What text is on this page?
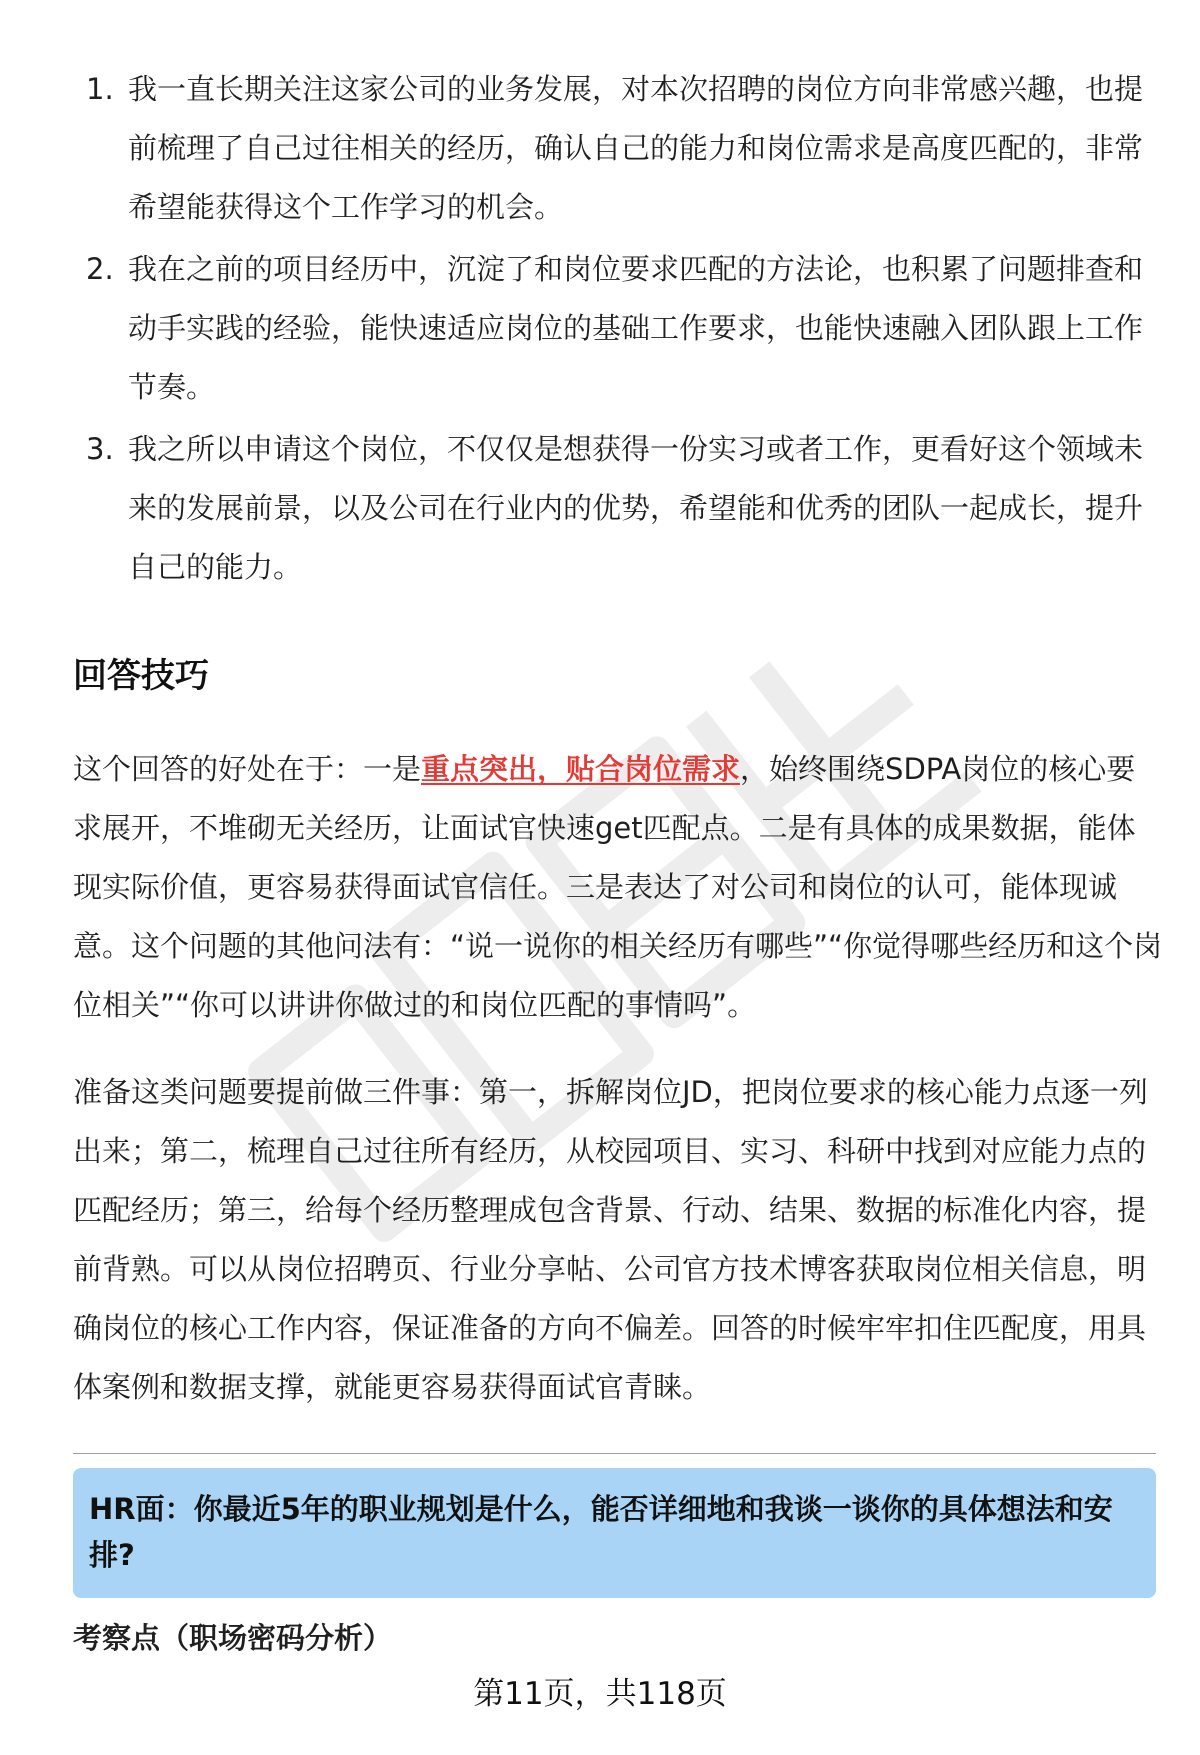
1. 我一直长期关注这家公司的业务发展，对本次招聘的岗位方向非常感兴趣，也提前梳理了自己过往相关的经历，确认自己的能力和岗位需求是高度匹配的，非常希望能获得这个工作学习的机会。
2. 我在之前的项目经历中，沉淀了和岗位要求匹配的方法论，也积累了问题排查和动手实践的经验，能快速适应岗位的基础工作要求，也能快速融入团队跟上工作节奏。
3. 我之所以申请这个岗位，不仅仅是想获得一份实习或者工作，更看好这个领域未来的发展前景，以及公司在行业内的优势，希望能和优秀的团队一起成长，提升自己的能力。
回答技巧

这个回答的好处在于：一是重点突出，贴合岗位需求，始终围绕SDPA岗位的核心要求展开，不堆砌无关经历，让面试官快速get匹配点。二是有具体的成果数据，能体现实际价值，更容易获得面试官信任。三是表达了对公司和岗位的认可，能体现诚意。这个问题的其他问法有：“说一说你的相关经历有哪些”“你觉得哪些经历和这个岗位相关”“你可以讲讲你做过的和岗位匹配的事情吗”。

准备这类问题要提前做三件事：第一，拆解岗位JD，把岗位要求的核心能力点逐一列出来；第二，梳理自己过往所有经历，从校园项目、实习、科研中找到对应能力点的匹配经历；第三，给每个经历整理成包含背景、行动、结果、数据的标准化内容，提前背熟。可以从岗位招聘页、行业分享帖、公司官方技术博客获取岗位相关信息，明确岗位的核心工作内容，保证准备的方向不偏差。回答的时候牢牢扣住匹配度，用具体案例和数据支撑，就能更容易获得面试官青睐。

HR面：你最近5年的职业规划是什么，能否详细地和我谈一谈你的具体想法和安排?
考察点（职场密码分析）
第11页，共118页
